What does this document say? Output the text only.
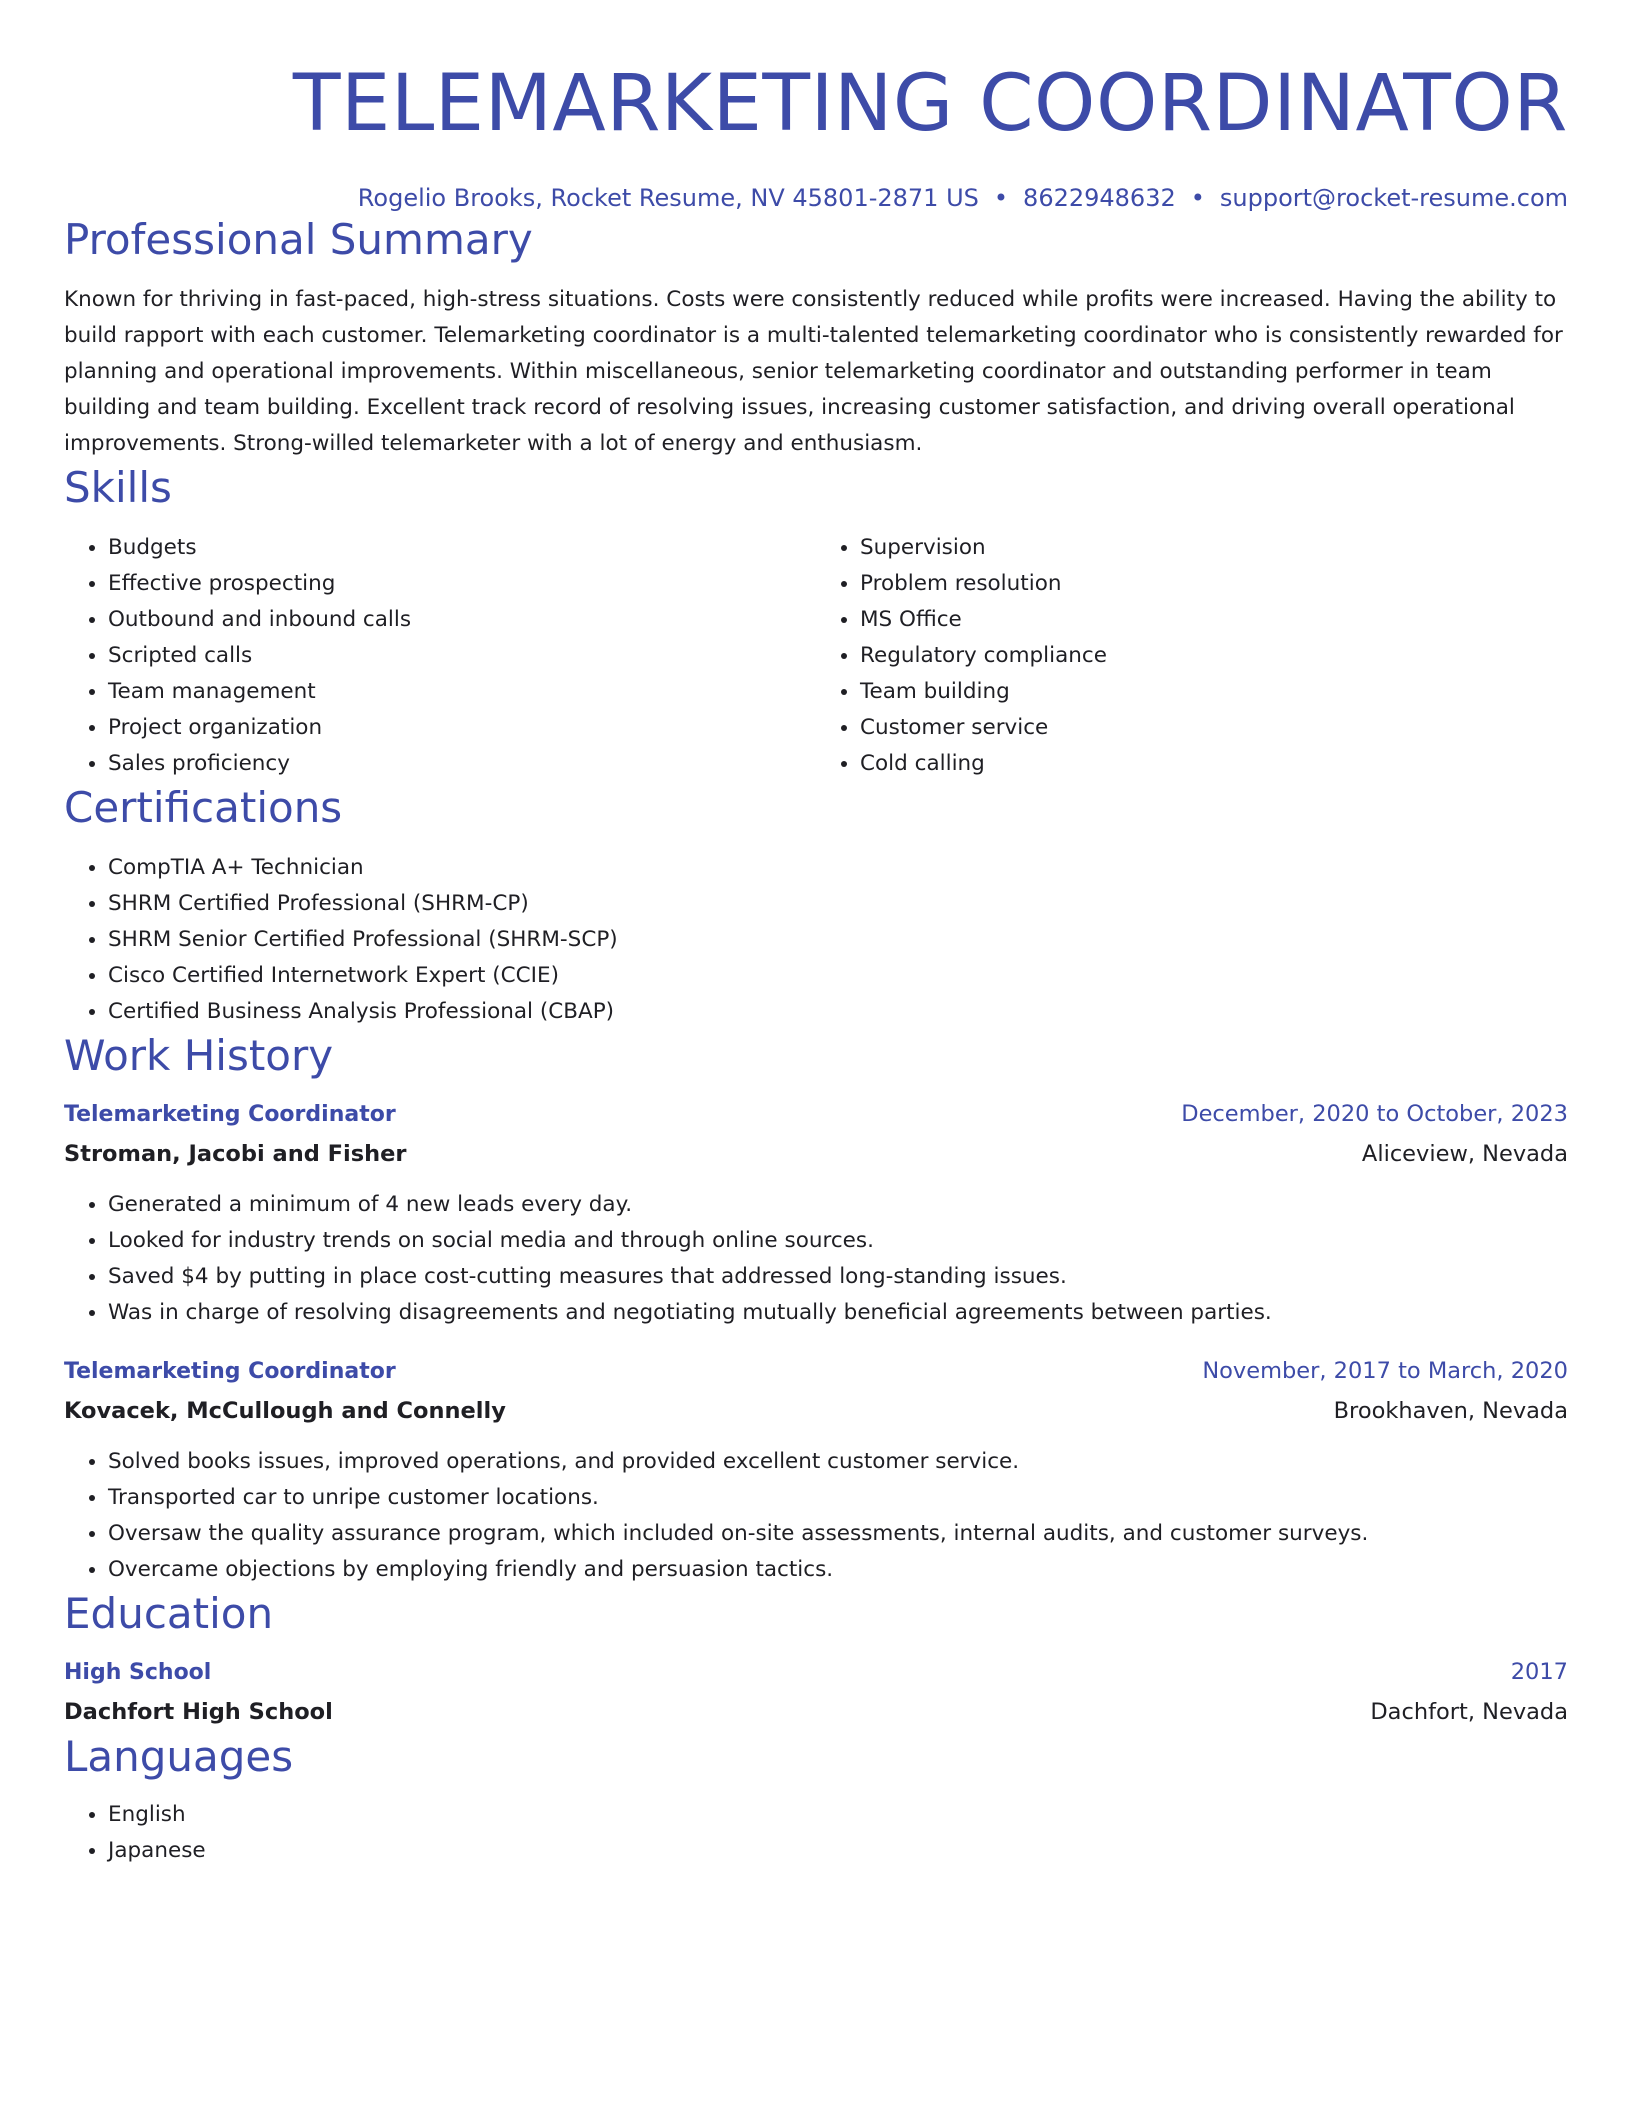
TELEMARKETING COORDINATOR
Rogelio Brooks, Rocket Resume, NV 45801-2871 US • 8622948632 • support@rocket-resume.com
Professional Summary

Known for thriving in fast-paced, high-stress situations. Costs were consistently reduced while profits were increased. Having the ability to build rapport with each customer. Telemarketing coordinator is a multi-talented telemarketing coordinator who is consistently rewarded for planning and operational improvements. Within miscellaneous, senior telemarketing coordinator and outstanding performer in team building and team building. Excellent track record of resolving issues, increasing customer satisfaction, and driving overall operational improvements. Strong-willed telemarketer with a lot of energy and enthusiasm.

Skills
• Budgets
• Effective prospecting
• Outbound and inbound calls
• Scripted calls
• Team management
• Project organization
• Sales proficiency
• Supervision
• Problem resolution
• MS Office
• Regulatory compliance
• Team building
• Customer service
• Cold calling
Certifications
• CompTIA A+ Technician
• SHRM Certified Professional (SHRM-CP)
• SHRM Senior Certified Professional (SHRM-SCP)
• Cisco Certified Internetwork Expert (CCIE)
• Certified Business Analysis Professional (CBAP)
Work History
Telemarketing Coordinator	December, 2020 to October, 2023
Stroman, Jacobi and Fisher	Aliceview, Nevada
• Generated a minimum of 4 new leads every day.
• Looked for industry trends on social media and through online sources.
• Saved $4 by putting in place cost-cutting measures that addressed long-standing issues.
• Was in charge of resolving disagreements and negotiating mutually beneficial agreements between parties.
Telemarketing Coordinator	November, 2017 to March, 2020
Kovacek, McCullough and Connelly	Brookhaven, Nevada
• Solved books issues, improved operations, and provided excellent customer service.
• Transported car to unripe customer locations.
• Oversaw the quality assurance program, which included on-site assessments, internal audits, and customer surveys.
• Overcame objections by employing friendly and persuasion tactics.
Education
High School	2017
Dachfort High School	Dachfort, Nevada
Languages
• English
• Japanese
